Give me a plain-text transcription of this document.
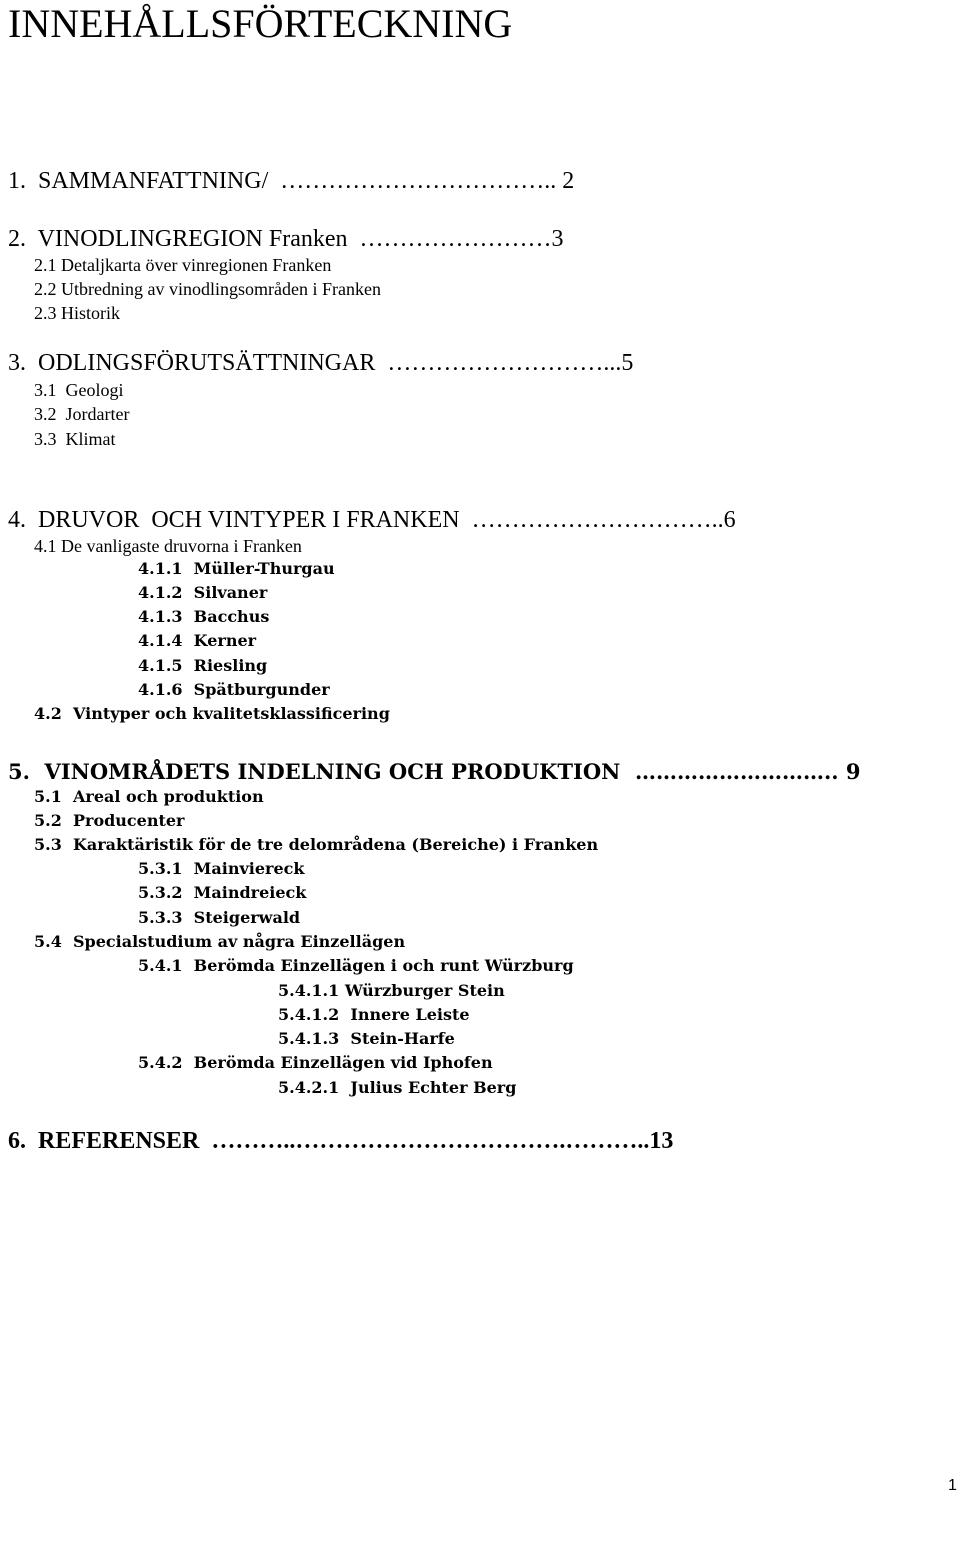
INNEHÅLLSFÖRTECKNING
1.  SAMMANFATTNING/  …………………………….. 2
2.  VINODLINGREGION Franken  ……………………3
2.1 Detaljkarta över vinregionen Franken
2.2 Utbredning av vinodlingsområden i Franken
2.3 Historik
3.  ODLINGSFÖRUTSÄTTNINGAR  ………………………...5
3.1  Geologi
3.2  Jordarter
3.3  Klimat
4.  DRUVOR  OCH VINTYPER I FRANKEN  …………………………..6
4.1 De vanligaste druvorna i Franken
4.1.1  Müller-Thurgau
4.1.2  Silvaner
4.1.3  Bacchus
4.1.4  Kerner
4.1.5  Riesling
4.1.6  Spätburgunder
4.2  Vintyper och kvalitetsklassificering
5.  VINOMRÅDETS INDELNING OCH PRODUKTION  ……………………….. 9
5.1  Areal och produktion
5.2  Producenter
5.3  Karaktäristik för de tre delområdena (Bereiche) i Franken
5.3.1  Mainviereck
5.3.2  Maindreieck
5.3.3  Steigerwald
5.4  Specialstudium av några Einzellägen
5.4.1  Berömda Einzellägen i och runt Würzburg
5.4.1.1 Würzburger Stein
5.4.1.2  Innere Leiste
5.4.1.3  Stein-Harfe
5.4.2  Berömda Einzellägen vid Iphofen
5.4.2.1  Julius Echter Berg
6.  REFERENSER  ………..…………………………….………..13
1
